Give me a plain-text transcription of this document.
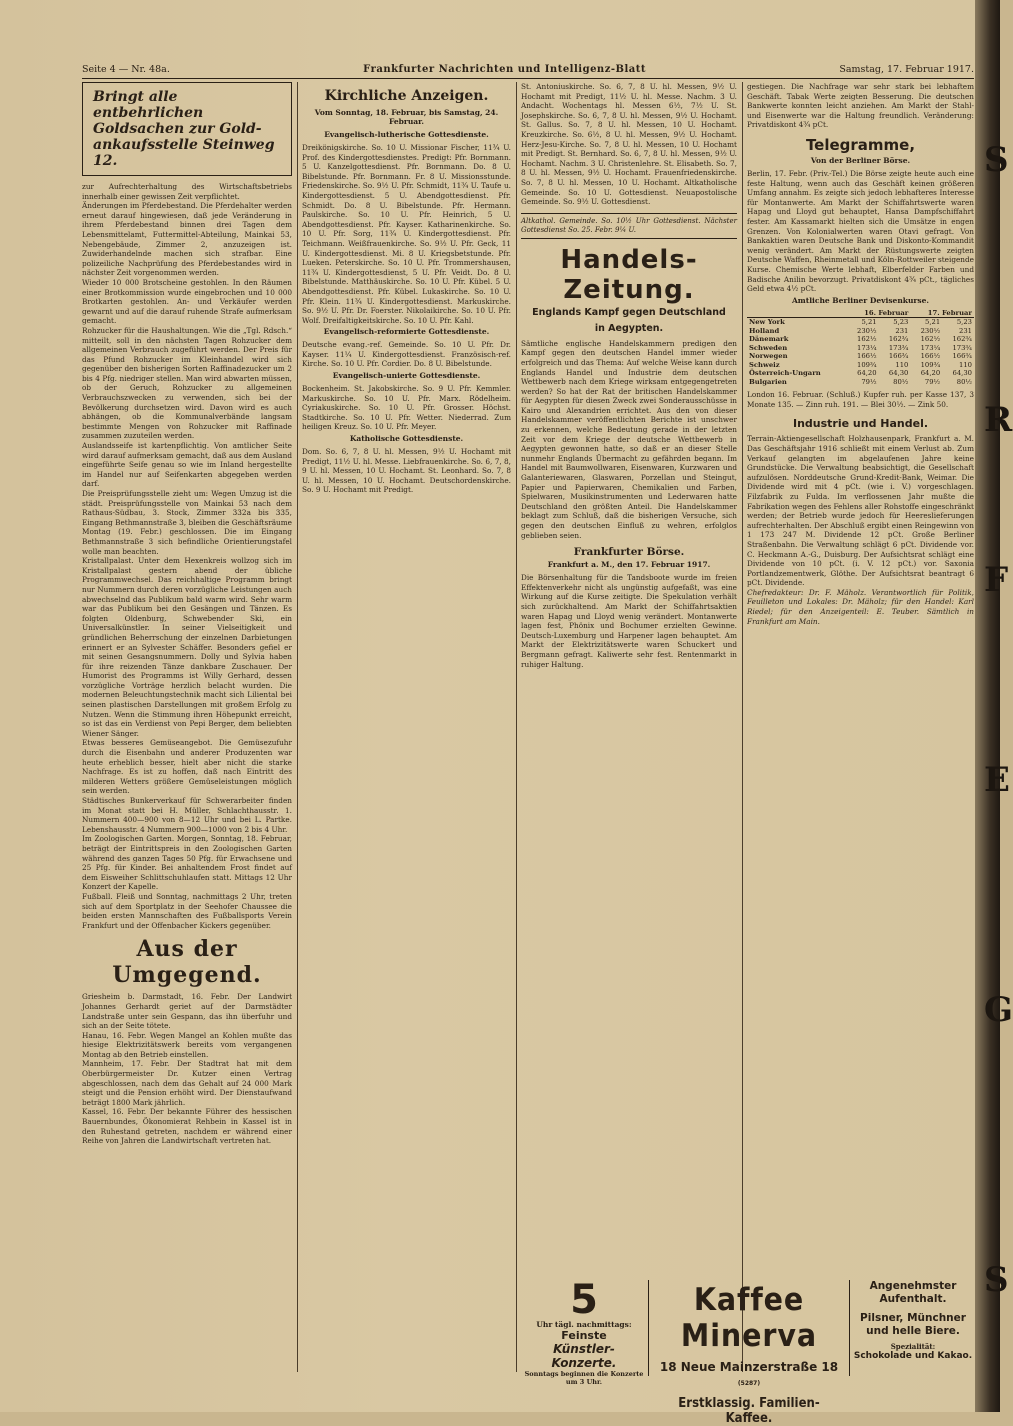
Seite 4 — Nr. 48a.	Frankfurter Nachrichten und Intelligenz-Blatt	Samstag, 17. Februar 1917.
Bringt alle entbehrlichen
Goldsachen zur Gold-
ankaufsstelle Steinweg 12.

zur Aufrechterhaltung des Wirtschaftsbetriebs innerhalb einer gewissen Zeit verpflichtet.

Änderungen im Pferdebestand. Die Pferdehalter werden erneut darauf hingewiesen, daß jede Veränderung in ihrem Pferdebestand binnen drei Tagen dem Lebensmittelamt, Futtermittel-Abteilung, Mainkai 53, Nebengebäude, Zimmer 2, anzuzeigen ist. Zuwiderhandelnde machen sich strafbar. Eine polizeiliche Nachprüfung des Pferdebestandes wird in nächster Zeit vorgenommen werden.

Wieder 10 000 Brotscheine gestohlen. In den Räumen einer Brotkommission wurde eingebrochen und 10 000 Brotkarten gestohlen. An- und Verkäufer werden gewarnt und auf die darauf ruhende Strafe aufmerksam gemacht.

Rohzucker für die Haushaltungen. Wie die „Tgl. Rdsch.“ mitteilt, soll in den nächsten Tagen Rohzucker dem allgemeinen Verbrauch zugeführt werden. Der Preis für das Pfund Rohzucker im Kleinhandel wird sich gegenüber den bisherigen Sorten Raffinadezucker um 2 bis 4 Pfg. niedriger stellen. Man wird abwarten müssen, ob der Geruch, Rohzucker zu allgemeinen Verbrauchszwecken zu verwenden, sich bei der Bevölkerung durchsetzen wird. Davon wird es auch abhängen, ob die Kommunalverbände langsam bestimmte Mengen von Rohzucker mit Raffinade zusammen zuzuteilen werden.

Auslandsseife ist kartenpflichtig. Von amtlicher Seite wird darauf aufmerksam gemacht, daß aus dem Ausland eingeführte Seife genau so wie im Inland hergestellte im Handel nur auf Seifenkarten abgegeben werden darf.

Die Preisprüfungsstelle zieht um: Wegen Umzug ist die städt. Preisprüfungsstelle von Mainkai 53 nach dem Rathaus-Südbau, 3. Stock, Zimmer 332a bis 335, Eingang Bethmannstraße 3, bleiben die Geschäftsräume Montag (19. Febr.) geschlossen. Die im Eingang Bethmannstraße 3 sich befindliche Orientierungstafel wolle man beachten.

Kristallpalast. Unter dem Hexenkreis wollzog sich im Kristallpalast gestern abend der übliche Programmwechsel. Das reichhaltige Programm bringt nur Nummern durch deren vorzügliche Leistungen auch abwechselnd das Publikum bald warm wird. Sehr warm war das Publikum bei den Gesängen und Tänzen. Es folgten Oldenburg, Schwebender Ski, ein Universalkünstler. In seiner Vielseitigkeit und gründlichen Beherrschung der einzelnen Darbietungen erinnert er an Sylvester Schäffer. Besonders gefiel er mit seinen Gesangsnummern. Dolly und Sylvia haben für ihre reizenden Tänze dankbare Zuschauer. Der Humorist des Programms ist Willy Gerhard, dessen vorzügliche Vorträge herzlich belacht wurden. Die modernen Beleuchtungstechnik macht sich Liliental bei seinen plastischen Darstellungen mit großem Erfolg zu Nutzen. Wenn die Stimmung ihren Höhepunkt erreicht, so ist das ein Verdienst von Pepi Berger, dem beliebten Wiener Sänger.

Etwas besseres Gemüseangebot. Die Gemüsezufuhr durch die Eisenbahn und anderer Produzenten war heute erheblich besser, hielt aber nicht die starke Nachfrage. Es ist zu hoffen, daß nach Eintritt des milderen Wetters größere Gemüseleistungen möglich sein werden.

Städtisches Bunkerverkauf für Schwerarbeiter finden im Monat statt bei H. Müller, Schlachthausstr. 1. Nummern 400—900 von 8—12 Uhr und bei L. Partke. Lebenshausstr. 4 Nummern 900—1000 von 2 bis 4 Uhr.

Im Zoologischen Garten. Morgen, Sonntag, 18. Februar, beträgt der Eintrittspreis in den Zoologischen Garten während des ganzen Tages 50 Pfg. für Erwachsene und 25 Pfg. für Kinder. Bei anhaltendem Frost findet auf dem Eisweiher Schlittschuhlaufen statt. Mittags 12 Uhr Konzert der Kapelle.

Fußball. Fleiß und Sonntag, nachmittags 2 Uhr, treten sich auf dem Sportplatz in der Seehofer Chaussee die beiden ersten Mannschaften des Fußballsports Verein Frankfurt und der Offenbacher Kickers gegenüber.

Aus der Umgegend.

Griesheim b. Darmstadt, 16. Febr. Der Landwirt Johannes Gerhardt geriet auf der Darmstädter Landstraße unter sein Gespann, das ihn überfuhr und sich an der Seite tötete.

Hanau, 16. Febr. Wegen Mangel an Kohlen mußte das hiesige Elektrizitätswerk bereits vom vergangenen Montag ab den Betrieb einstellen.

Mannheim, 17. Febr. Der Stadtrat hat mit dem Oberbürgermeister Dr. Kutzer einen Vertrag abgeschlossen, nach dem das Gehalt auf 24 000 Mark steigt und die Pension erhöht wird. Der Dienstaufwand beträgt 1800 Mark jährlich.

Kassel, 16. Febr. Der bekannte Führer des hessischen Bauernbundes, Ökonomierat Rehbein in Kassel ist in den Ruhestand getreten, nachdem er während einer Reihe von Jahren die Landwirtschaft vertreten hat.

Kirchliche Anzeigen.
Vom Sonntag, 18. Februar, bis Samstag, 24. Februar.
Evangelisch-lutherische Gottesdienste.

Dreikönigskirche. So. 10 U. Missionar Fischer, 11¾ U. Prof. des Kindergottesdienstes. Predigt: Pfr. Bornmann. 5 U. Kanzelgottesdienst. Pfr. Bornmann. Do. 8 U. Bibelstunde. Pfr. Bornmann. Fr. 8 U. Missionsstunde. Friedenskirche. So. 9½ U. Pfr. Schmidt, 11¾ U. Taufe u. Kindergottesdienst. 5 U. Abendgottesdienst. Pfr. Schmidt. Do. 8 U. Bibelstunde. Pfr. Hermann. Paulskirche. So. 10 U. Pfr. Heinrich, 5 U. Abendgottesdienst. Pfr. Kayser. Katharinenkirche. So. 10 U. Pfr. Sorg, 11¾ U. Kindergottesdienst. Pfr. Teichmann. Weißfrauenkirche. So. 9½ U. Pfr. Geck, 11 U. Kindergottesdienst. Mi. 8 U. Kriegsbetstunde. Pfr. Lueken. Peterskirche. So. 10 U. Pfr. Trommershausen, 11¾ U. Kindergottesdienst, 5 U. Pfr. Veidt. Do. 8 U. Bibelstunde. Matthäuskirche. So. 10 U. Pfr. Kübel. 5 U. Abendgottesdienst. Pfr. Kübel. Lukaskirche. So. 10 U. Pfr. Klein. 11¾ U. Kindergottesdienst. Markuskirche. So. 9½ U. Pfr. Dr. Foerster. Nikolaikirche. So. 10 U. Pfr. Wolf. Dreifaltigkeitskirche. So. 10 U. Pfr. Kahl.

Evangelisch-reformierte Gottesdienste.

Deutsche evang.-ref. Gemeinde. So. 10 U. Pfr. Dr. Kayser. 11¼ U. Kindergottesdienst. Französisch-ref. Kirche. So. 10 U. Pfr. Cordier. Do. 8 U. Bibelstunde.

Evangelisch-unierte Gottesdienste.

Bockenheim. St. Jakobskirche. So. 9 U. Pfr. Kemmler. Markuskirche. So. 10 U. Pfr. Marx. Rödelheim. Cyriakuskirche. So. 10 U. Pfr. Grosser. Höchst. Stadtkirche. So. 10 U. Pfr. Wetter. Niederrad. Zum heiligen Kreuz. So. 10 U. Pfr. Meyer.

Katholische Gottesdienste.

Dom. So. 6, 7, 8 U. hl. Messen, 9½ U. Hochamt mit Predigt, 11½ U. hl. Messe. Liebfrauenkirche. So. 6, 7, 8, 9 U. hl. Messen, 10 U. Hochamt. St. Leonhard. So. 7, 8 U. hl. Messen, 10 U. Hochamt. Deutschordenskirche. So. 9 U. Hochamt mit Predigt.

St. Antoniuskirche. So. 6, 7, 8 U. hl. Messen, 9½ U. Hochamt mit Predigt, 11½ U. hl. Messe. Nachm. 3 U. Andacht. Wochentags hl. Messen 6½, 7½ U. St. Josephskirche. So. 6, 7, 8 U. hl. Messen, 9½ U. Hochamt. St. Gallus. So. 7, 8 U. hl. Messen, 10 U. Hochamt. Kreuzkirche. So. 6½, 8 U. hl. Messen, 9½ U. Hochamt. Herz-Jesu-Kirche. So. 7, 8 U. hl. Messen, 10 U. Hochamt mit Predigt. St. Bernhard. So. 6, 7, 8 U. hl. Messen, 9½ U. Hochamt. Nachm. 3 U. Christenlehre. St. Elisabeth. So. 7, 8 U. hl. Messen, 9½ U. Hochamt. Frauenfriedenskirche. So. 7, 8 U. hl. Messen, 10 U. Hochamt. Altkatholische Gemeinde. So. 10 U. Gottesdienst. Neuapostolische Gemeinde. So. 9½ U. Gottesdienst.

Altkathol. Gemeinde. So. 10½ Uhr Gottesdienst. Nächster Gottesdienst So. 25. Febr. 9¼ U.
Handels-Zeitung.
Englands Kampf gegen Deutschland
in Aegypten.

Sämtliche englische Handelskammern predigen den Kampf gegen den deutschen Handel immer wieder erfolgreich und das Thema: Auf welche Weise kann durch Englands Handel und Industrie dem deutschen Wettbewerb nach dem Kriege wirksam entgegengetreten werden? So hat der Rat der britischen Handelskammer für Aegypten für diesen Zweck zwei Sonderausschüsse in Kairo und Alexandrien errichtet. Aus den von dieser Handelskammer veröffentlichten Berichte ist unschwer zu erkennen, welche Bedeutung gerade in der letzten Zeit vor dem Kriege der deutsche Wettbewerb in Aegypten gewonnen hatte, so daß er an dieser Stelle nunmehr Englands Übermacht zu gefährden begann. Im Handel mit Baumwollwaren, Eisenwaren, Kurzwaren und Galanteriewaren, Glaswaren, Porzellan und Steingut, Papier und Papierwaren, Chemikalien und Farben, Spielwaren, Musikinstrumenten und Lederwaren hatte Deutschland den größten Anteil. Die Handelskammer beklagt zum Schluß, daß die bisherigen Versuche, sich gegen den deutschen Einfluß zu wehren, erfolglos geblieben seien.

Frankfurter Börse.
Frankfurt a. M., den 17. Februar 1917.

Die Börsenhaltung für die Tandsboote wurde im freien Effektenverkehr nicht als ungünstig aufgefaßt, was eine Wirkung auf die Kurse zeitigte. Die Spekulation verhält sich zurückhaltend. Am Markt der Schiffahrtsaktien waren Hapag und Lloyd wenig verändert. Montanwerte lagen fest, Phönix und Bochumer erzielten Gewinne. Deutsch-Luxemburg und Harpener lagen behauptet. Am Markt der Elektrizitätswerte waren Schuckert und Bergmann gefragt. Kaliwerte sehr fest. Rentenmarkt in ruhiger Haltung.

gestiegen. Die Nachfrage war sehr stark bei lebhaftem Geschäft. Tabak Werte zeigten Besserung. Die deutschen Bankwerte konnten leicht anziehen. Am Markt der Stahl- und Eisenwerte war die Haltung freundlich. Veränderung: Privatdiskont 4¾ pCt.

Telegramme,
Von der Berliner Börse.

Berlin, 17. Febr. (Priv.-Tel.) Die Börse zeigte heute auch eine feste Haltung, wenn auch das Geschäft keinen größeren Umfang annahm. Es zeigte sich jedoch lebhafteres Interesse für Montanwerte. Am Markt der Schiffahrtswerte waren Hapag und Lloyd gut behauptet, Hansa Dampfschiffahrt fester. Am Kassamarkt hielten sich die Umsätze in engen Grenzen. Von Kolonialwerten waren Otavi gefragt. Von Bankaktien waren Deutsche Bank und Diskonto-Kommandit wenig verändert. Am Markt der Rüstungswerte zeigten Deutsche Waffen, Rheinmetall und Köln-Rottweiler steigende Kurse. Chemische Werte lebhaft, Elberfelder Farben und Badische Anilin bevorzugt. Privatdiskont 4¾ pCt., tägliches Geld etwa 4½ pCt.

Amtliche Berliner Devisenkurse.
	16. Februar		17. Februar	
New York	5,21	5,23	5,21	5,23
Holland	230½	231	230½	231
Dänemark	162½	162¾	162½	162¾
Schweden	173¼	173¾	173¼	173¾
Norwegen	166½	166¾	166½	166¾
Schweiz	109¾	110	109¾	110
Österreich-Ungarn	64,20	64,30	64,20	64,30
Bulgarien	79½	80½	79½	80½

London 16. Februar. (Schluß.) Kupfer ruh. per Kasse 137, 3 Monate 135. — Zinn ruh. 191. — Blei 30½. — Zink 50.

Industrie und Handel.

Terrain-Aktiengesellschaft Holzhausenpark, Frankfurt a. M. Das Geschäftsjahr 1916 schließt mit einem Verlust ab. Zum Verkauf gelangten im abgelaufenen Jahre keine Grundstücke. Die Verwaltung beabsichtigt, die Gesellschaft aufzulösen. Norddeutsche Grund-Kredit-Bank, Weimar. Die Dividende wird mit 4 pCt. (wie i. V.) vorgeschlagen. Filzfabrik zu Fulda. Im verflossenen Jahr mußte die Fabrikation wegen des Fehlens aller Rohstoffe eingeschränkt werden; der Betrieb wurde jedoch für Heereslieferungen aufrechterhalten. Der Abschluß ergibt einen Reingewinn von 1 173 247 M. Dividende 12 pCt. Große Berliner Straßenbahn. Die Verwaltung schlägt 6 pCt. Dividende vor. C. Heckmann A.-G., Duisburg. Der Aufsichtsrat schlägt eine Dividende von 10 pCt. (i. V. 12 pCt.) vor. Saxonia Portlandzementwerk, Glöthe. Der Aufsichtsrat beantragt 6 pCt. Dividende.

Chefredakteur: Dr. F. Mäholz. Verantwortlich für Politik, Feuilleton und Lokales: Dr. Mäholz; für den Handel: Karl Riedel; für den Anzeigenteil: E. Teuber. Sämtlich in Frankfurt am Main.

5
Uhr tägl. nachmittags:
Feinste
Künstler-Konzerte.
Sonntags beginnen die Konzerte um 3 Uhr.
Kaffee Minerva
18 Neue Mainzerstraße 18 (5287)
Erstklassig. Familien-Kaffee.
Angenehmster
Aufenthalt.
Pilsner, Münchner
und helle Biere.
Spezialität:
Schokolade und Kakao.
S
R
F
E
G
S
